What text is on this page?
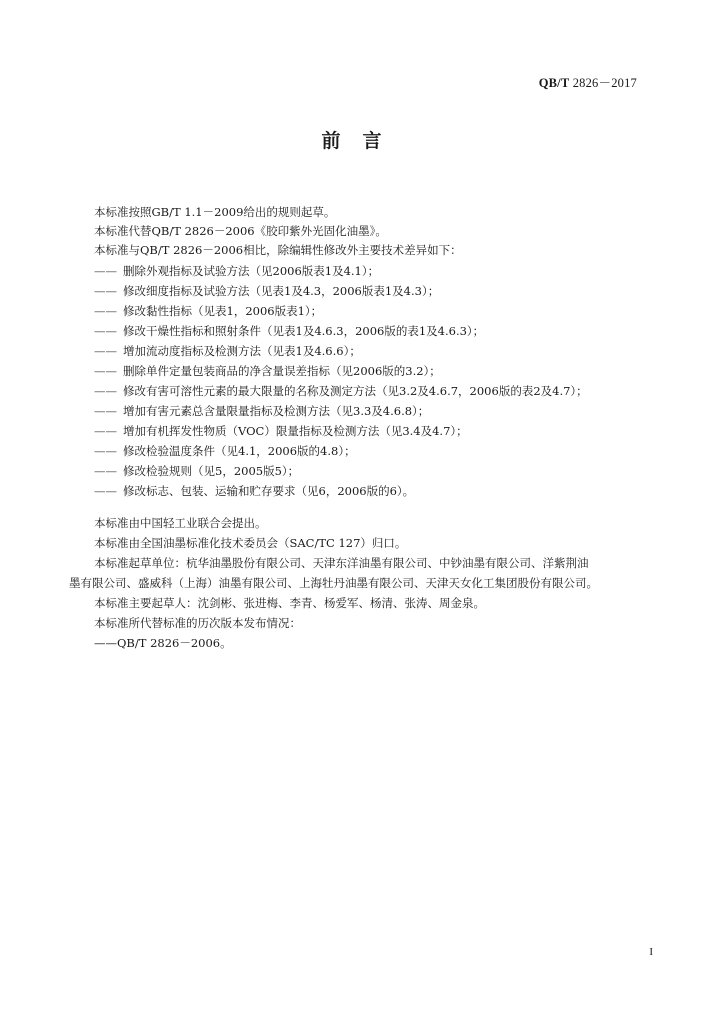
QB/T 2826－2017
前言
本标准按照GB/T 1.1－2009给出的规则起草。
本标准代替QB/T 2826－2006《胶印紫外光固化油墨》。
本标准与QB/T 2826－2006相比，除编辑性修改外主要技术差异如下：
—— 删除外观指标及试验方法（见2006版表1及4.1）；
—— 修改细度指标及试验方法（见表1及4.3，2006版表1及4.3）；
—— 修改黏性指标（见表1，2006版表1）；
—— 修改干燥性指标和照射条件（见表1及4.6.3，2006版的表1及4.6.3）；
—— 增加流动度指标及检测方法（见表1及4.6.6）；
—— 删除单件定量包装商品的净含量误差指标（见2006版的3.2）；
—— 修改有害可溶性元素的最大限量的名称及测定方法（见3.2及4.6.7，2006版的表2及4.7）；
—— 增加有害元素总含量限量指标及检测方法（见3.3及4.6.8）；
—— 增加有机挥发性物质（VOC）限量指标及检测方法（见3.4及4.7）；
—— 修改检验温度条件（见4.1，2006版的4.8）；
—— 修改检验规则（见5，2005版5）；
—— 修改标志、包装、运输和贮存要求（见6，2006版的6）。
本标准由中国轻工业联合会提出。
本标准由全国油墨标准化技术委员会（SAC/TC 127）归口。
本标准起草单位：杭华油墨股份有限公司、天津东洋油墨有限公司、中钞油墨有限公司、洋紫荆油
墨有限公司、盛威科（上海）油墨有限公司、上海牡丹油墨有限公司、天津天女化工集团股份有限公司。
本标准主要起草人：沈剑彬、张进梅、李青、杨爱军、杨清、张涛、周金泉。
本标准所代替标准的历次版本发布情况：
——QB/T 2826－2006。
I
